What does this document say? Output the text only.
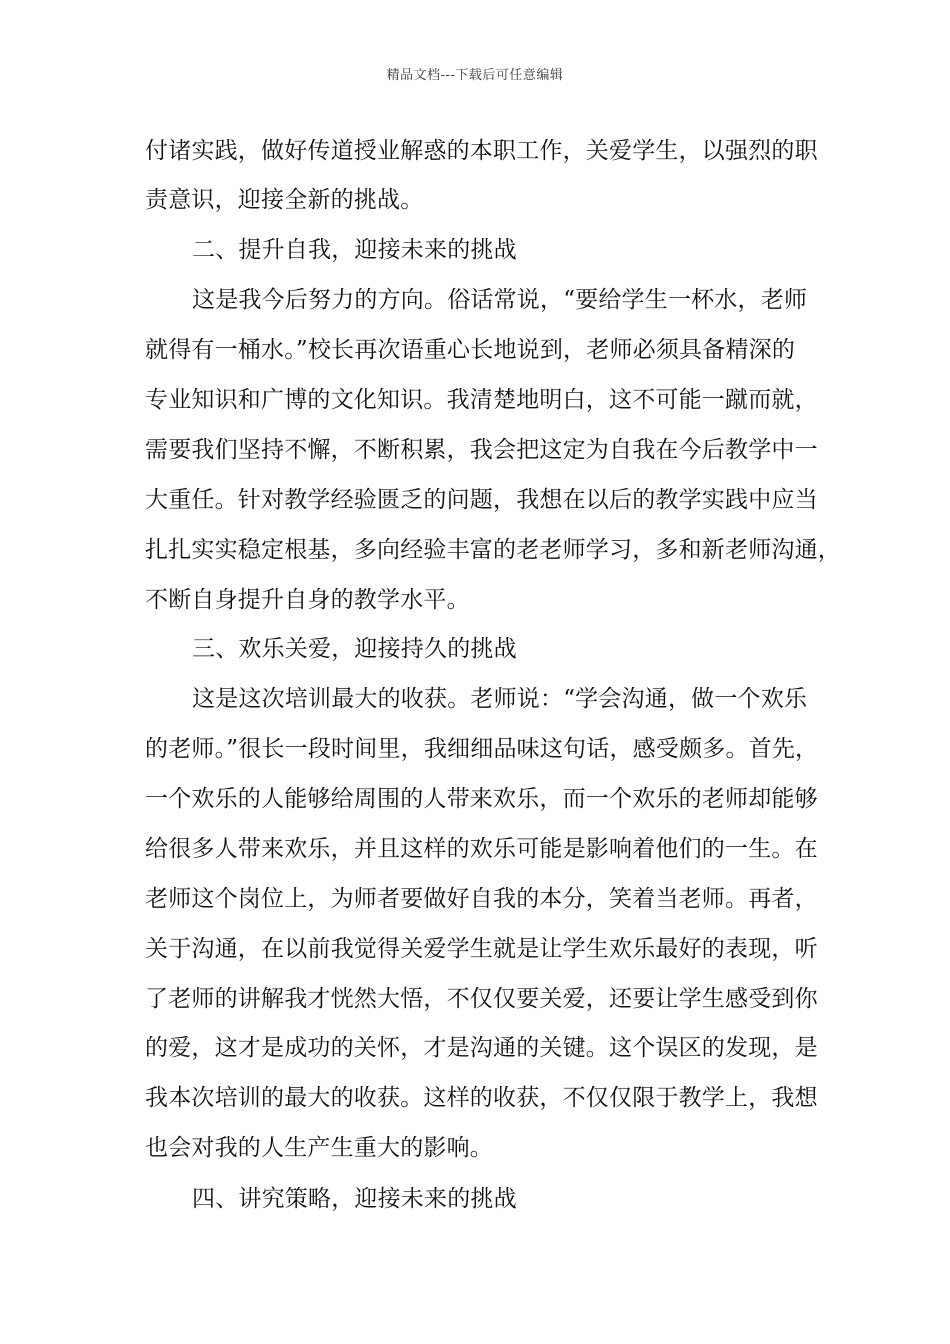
精品文档---下载后可任意编辑
付诸实践，做好传道授业解惑的本职工作，关爱学生，以强烈的职
责意识，迎接全新的挑战。
二、提升自我，迎接未来的挑战
这是我今后努力的方向。俗话常说，“要给学生一杯水，老师
就得有一桶水。”校长再次语重心长地说到，老师必须具备精深的
专业知识和广博的文化知识。我清楚地明白，这不可能一蹴而就，
需要我们坚持不懈，不断积累，我会把这定为自我在今后教学中一
大重任。针对教学经验匮乏的问题，我想在以后的教学实践中应当
扎扎实实稳定根基，多向经验丰富的老老师学习，多和新老师沟通，
不断自身提升自身的教学水平。
三、欢乐关爱，迎接持久的挑战
这是这次培训最大的收获。老师说：“学会沟通，做一个欢乐
的老师。”很长一段时间里，我细细品味这句话，感受颇多。首先，
一个欢乐的人能够给周围的人带来欢乐，而一个欢乐的老师却能够
给很多人带来欢乐，并且这样的欢乐可能是影响着他们的一生。在
老师这个岗位上，为师者要做好自我的本分，笑着当老师。再者，
关于沟通，在以前我觉得关爱学生就是让学生欢乐最好的表现，听
了老师的讲解我才恍然大悟，不仅仅要关爱，还要让学生感受到你
的爱，这才是成功的关怀，才是沟通的关键。这个误区的发现，是
我本次培训的最大的收获。这样的收获，不仅仅限于教学上，我想
也会对我的人生产生重大的影响。
四、讲究策略，迎接未来的挑战
